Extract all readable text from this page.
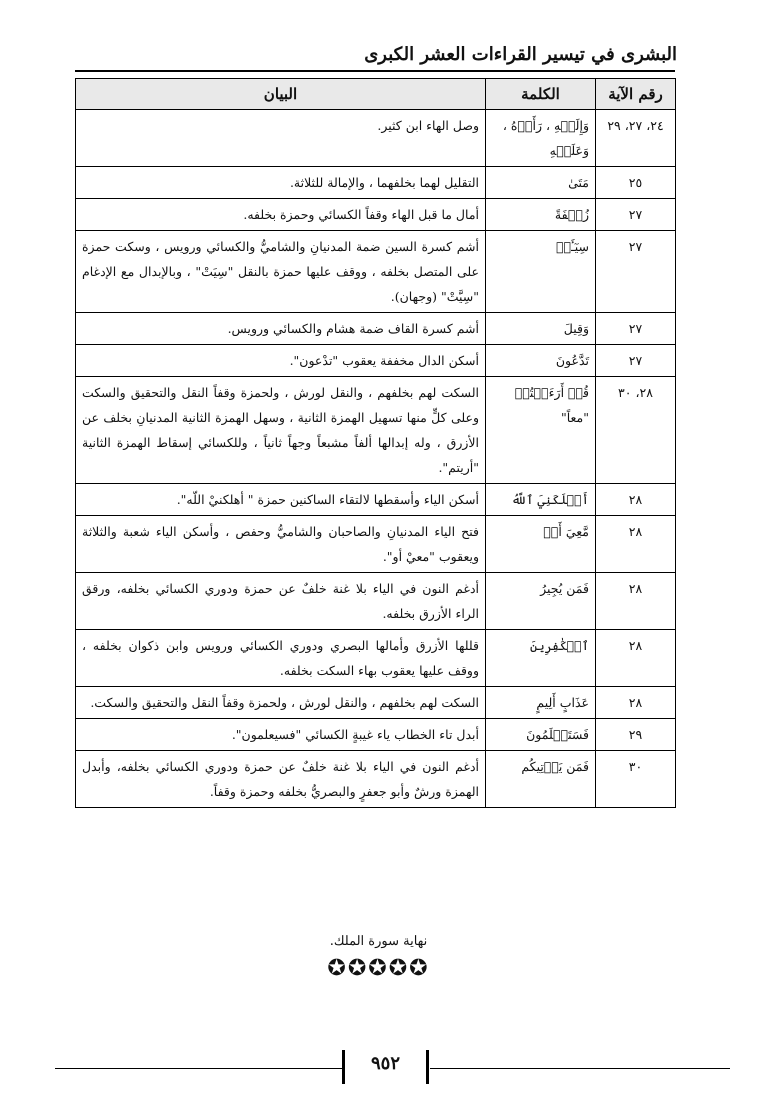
البشرى في تيسير القراءات العشر الكبرى
رقم الآية	الكلمة	البيان
٢٤، ٢٧، ٢٩	وَإِلَيۡهِ ، رَأَوۡهُ ، وَعَلَيۡهِ	وصل الهاء ابن كثير.
٢٥	مَتَىٰ	التقليل لهما بخلفهما ، والإمالة للثلاثة.
٢٧	زُلۡفَةً	أمال ما قبل الهاء وقفاً الكسائي وحمزة بخلفه.
٢٧	سِيٓـَٔتۡ	أشم كسرة السين ضمة المدنيانِ والشاميُّ والكسائي ورويس ، وسكت حمزة على المتصل بخلفه ، ووقف عليها حمزة بالنقل "سِيَتْ" ، وبالإبدال مع الإدغام "سِيَّتْ" (وجهان).
٢٧	وَقِيلَ	أشم كسرة القاف ضمة هشام والكسائي ورويس.
٢٧	تَدَّعُونَ	أسكن الدال مخففة يعقوب "تدْعون".
٢٨، ٣٠	قُلۡ أَرَءَيۡتُمۡ "معاً"	السكت لهم بخلفهم ، والنقل لورش ، ولحمزة وقفاً النقل والتحقيق والسكت وعلى كلٍّ منها تسهيل الهمزة الثانية ، وسهل الهمزة الثانية المدنيانِ بخلف عن الأزرق ، وله إبدالها ألفاً مشبعاً وجهاً ثانياً ، وللكسائي إسقاط الهمزة الثانية "أريتم".
٢٨	أَهۡلَكَنِيَ ٱللَّهُ	أسكن الياء وأسقطها لالتقاء الساكنين حمزة " أهلكنيْ اللّه".
٢٨	مَّعِيَ أَوۡ	فتح الياء المدنيانِ والصاحبان والشاميُّ وحفص ، وأسكن الياء شعبة والثلاثة ويعقوب "معيْ أو".
٢٨	فَمَن يُجِيرُ	أدغم النون في الياء بلا غنة خلفٌ عن حمزة ودوري الكسائي بخلفه، ورقق الراء الأزرق بخلفه.
٢٨	ٱلۡكَٰفِرِينَ	قللها الأزرق وأمالها البصري ودوري الكسائي ورويس وابن ذكوان بخلفه ، ووقف عليها يعقوب بهاء السكت بخلفه.
٢٨	عَذَابٍ أَلِيمٍ	السكت لهم بخلفهم ، والنقل لورش ، ولحمزة وقفاً النقل والتحقيق والسكت.
٢٩	فَسَتَعۡلَمُونَ	أبدل تاء الخطاب ياء غيبةٍ الكسائي "فسيعلمون".
٣٠	فَمَن يَأۡتِيكُم	أدغم النون في الياء بلا غنة خلفٌ عن حمزة ودوري الكسائي بخلفه، وأبدل الهمزة ورشٌ وأبو جعفرٍ والبصريُّ بخلفه وحمزة وقفاً.
نهاية سورة الملك.
✪✪✪✪✪
٩٥٢
